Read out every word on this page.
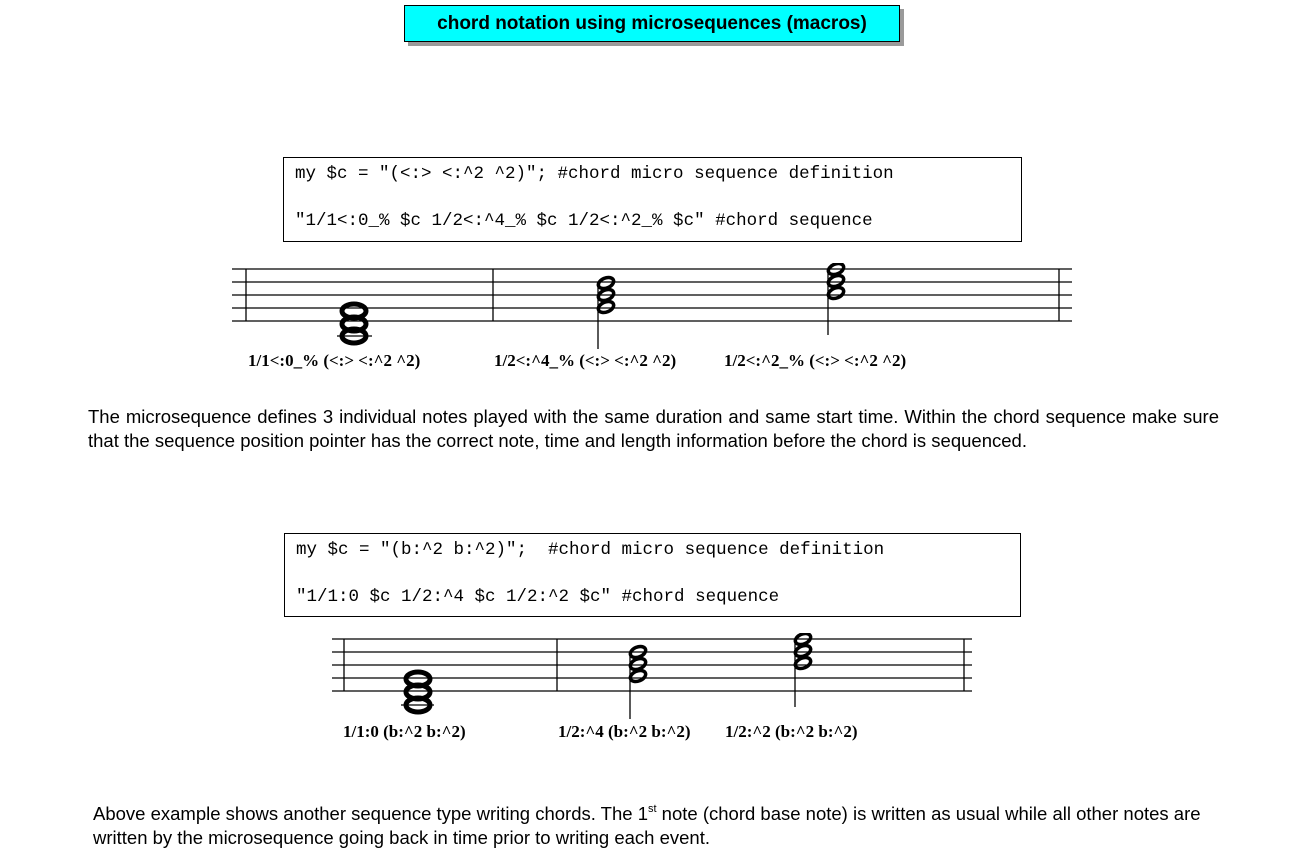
chord notation using microsequences (macros)

my $c = "(<:> <:^2 ^2)"; #chord micro sequence definition

"1/1<:0_% $c 1/2<:^4_% $c 1/2<:^2_% $c" #chord sequence

1/1<:0_% (<:> <:^2 ^2)	1/2<:^4_% (<:> <:^2 ^2)	1/2<:^2_% (<:> <:^2 ^2)
The microsequence defines 3 individual notes played with the same duration and same start time. Within the chord sequence make sure that the sequence position pointer has the correct note, time and length information before the chord is sequenced.

my $c = "(b:^2 b:^2)";  #chord micro sequence definition

"1/1:0 $c 1/2:^4 $c 1/2:^2 $c" #chord sequence

1/1:0 (b:^2 b:^2)	1/2:^4 (b:^2 b:^2) 1/2:^2 (b:^2 b:^2)
Above example shows another sequence type writing chords. The 1st note (chord base note) is written as usual while all other notes are written by the microsequence going back in time prior to writing each event.
